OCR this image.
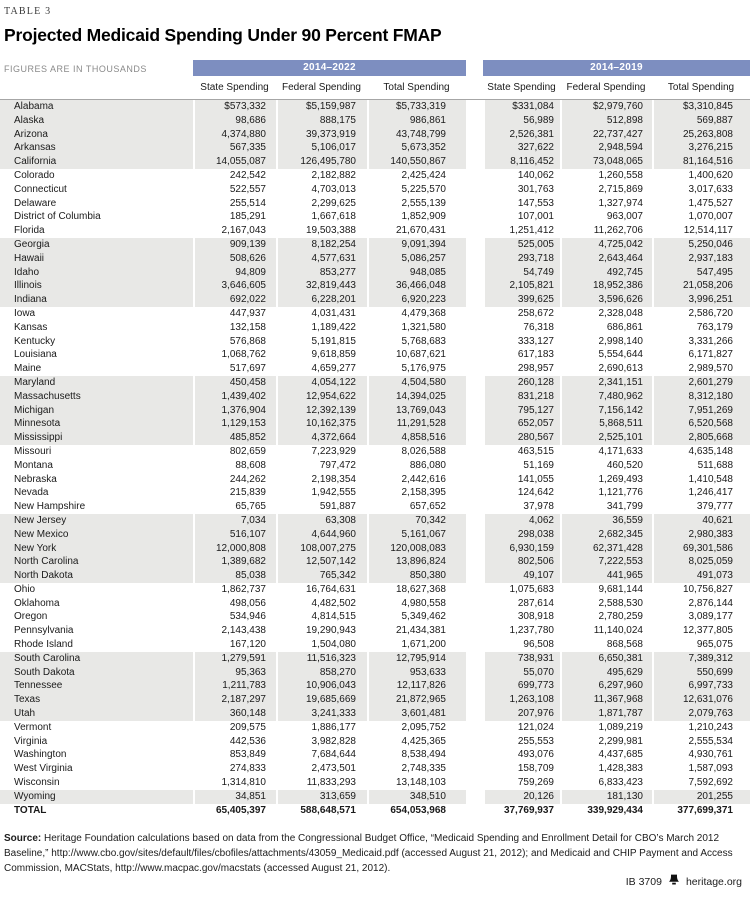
TABLE 3
Projected Medicaid Spending Under 90 Percent FMAP
FIGURES ARE IN THOUSANDS	2014–2022	2014–2019
State Spending	Federal Spending	Total Spending	State Spending	Federal Spending	Total Spending
Alabama	$573,332	$5,159,987	$5,733,319	$331,084	$2,979,760	$3,310,845
Alaska	98,686	888,175	986,861	56,989	512,898	569,887
Arizona	4,374,880	39,373,919	43,748,799	2,526,381	22,737,427	25,263,808
Arkansas	567,335	5,106,017	5,673,352	327,622	2,948,594	3,276,215
California	14,055,087	126,495,780	140,550,867	8,116,452	73,048,065	81,164,516
Colorado	242,542	2,182,882	2,425,424	140,062	1,260,558	1,400,620
Connecticut	522,557	4,703,013	5,225,570	301,763	2,715,869	3,017,633
Delaware	255,514	2,299,625	2,555,139	147,553	1,327,974	1,475,527
District of Columbia	185,291	1,667,618	1,852,909	107,001	963,007	1,070,007
Florida	2,167,043	19,503,388	21,670,431	1,251,412	11,262,706	12,514,117
Georgia	909,139	8,182,254	9,091,394	525,005	4,725,042	5,250,046
Hawaii	508,626	4,577,631	5,086,257	293,718	2,643,464	2,937,183
Idaho	94,809	853,277	948,085	54,749	492,745	547,495
Illinois	3,646,605	32,819,443	36,466,048	2,105,821	18,952,386	21,058,206
Indiana	692,022	6,228,201	6,920,223	399,625	3,596,626	3,996,251
Iowa	447,937	4,031,431	4,479,368	258,672	2,328,048	2,586,720
Kansas	132,158	1,189,422	1,321,580	76,318	686,861	763,179
Kentucky	576,868	5,191,815	5,768,683	333,127	2,998,140	3,331,266
Louisiana	1,068,762	9,618,859	10,687,621	617,183	5,554,644	6,171,827
Maine	517,697	4,659,277	5,176,975	298,957	2,690,613	2,989,570
Maryland	450,458	4,054,122	4,504,580	260,128	2,341,151	2,601,279
Massachusetts	1,439,402	12,954,622	14,394,025	831,218	7,480,962	8,312,180
Michigan	1,376,904	12,392,139	13,769,043	795,127	7,156,142	7,951,269
Minnesota	1,129,153	10,162,375	11,291,528	652,057	5,868,511	6,520,568
Mississippi	485,852	4,372,664	4,858,516	280,567	2,525,101	2,805,668
Missouri	802,659	7,223,929	8,026,588	463,515	4,171,633	4,635,148
Montana	88,608	797,472	886,080	51,169	460,520	511,688
Nebraska	244,262	2,198,354	2,442,616	141,055	1,269,493	1,410,548
Nevada	215,839	1,942,555	2,158,395	124,642	1,121,776	1,246,417
New Hampshire	65,765	591,887	657,652	37,978	341,799	379,777
New Jersey	7,034	63,308	70,342	4,062	36,559	40,621
New Mexico	516,107	4,644,960	5,161,067	298,038	2,682,345	2,980,383
New York	12,000,808	108,007,275	120,008,083	6,930,159	62,371,428	69,301,586
North Carolina	1,389,682	12,507,142	13,896,824	802,506	7,222,553	8,025,059
North Dakota	85,038	765,342	850,380	49,107	441,965	491,073
Ohio	1,862,737	16,764,631	18,627,368	1,075,683	9,681,144	10,756,827
Oklahoma	498,056	4,482,502	4,980,558	287,614	2,588,530	2,876,144
Oregon	534,946	4,814,515	5,349,462	308,918	2,780,259	3,089,177
Pennsylvania	2,143,438	19,290,943	21,434,381	1,237,780	11,140,024	12,377,805
Rhode Island	167,120	1,504,080	1,671,200	96,508	868,568	965,075
South Carolina	1,279,591	11,516,323	12,795,914	738,931	6,650,381	7,389,312
South Dakota	95,363	858,270	953,633	55,070	495,629	550,699
Tennessee	1,211,783	10,906,043	12,117,826	699,773	6,297,960	6,997,733
Texas	2,187,297	19,685,669	21,872,965	1,263,108	11,367,968	12,631,076
Utah	360,148	3,241,333	3,601,481	207,976	1,871,787	2,079,763
Vermont	209,575	1,886,177	2,095,752	121,024	1,089,219	1,210,243
Virginia	442,536	3,982,828	4,425,365	255,553	2,299,981	2,555,534
Washington	853,849	7,684,644	8,538,494	493,076	4,437,685	4,930,761
West Virginia	274,833	2,473,501	2,748,335	158,709	1,428,383	1,587,093
Wisconsin	1,314,810	11,833,293	13,148,103	759,269	6,833,423	7,592,692
Wyoming	34,851	313,659	348,510	20,126	181,130	201,255
TOTAL	65,405,397	588,648,571	654,053,968	37,769,937	339,929,434	377,699,371

Source: Heritage Foundation calculations based on data from the Congressional Budget Office, “Medicaid Spending and Enrollment Detail for CBO’s March 2012 Baseline,” http://www.cbo.gov/sites/default/files/cbofiles/attachments/43059_Medicaid.pdf (accessed August 21, 2012); and Medicaid and CHIP Payment and Access Commission, MACStats, http://www.macpac.gov/macstats (accessed August 21, 2012).

IB 3709 heritage.org
